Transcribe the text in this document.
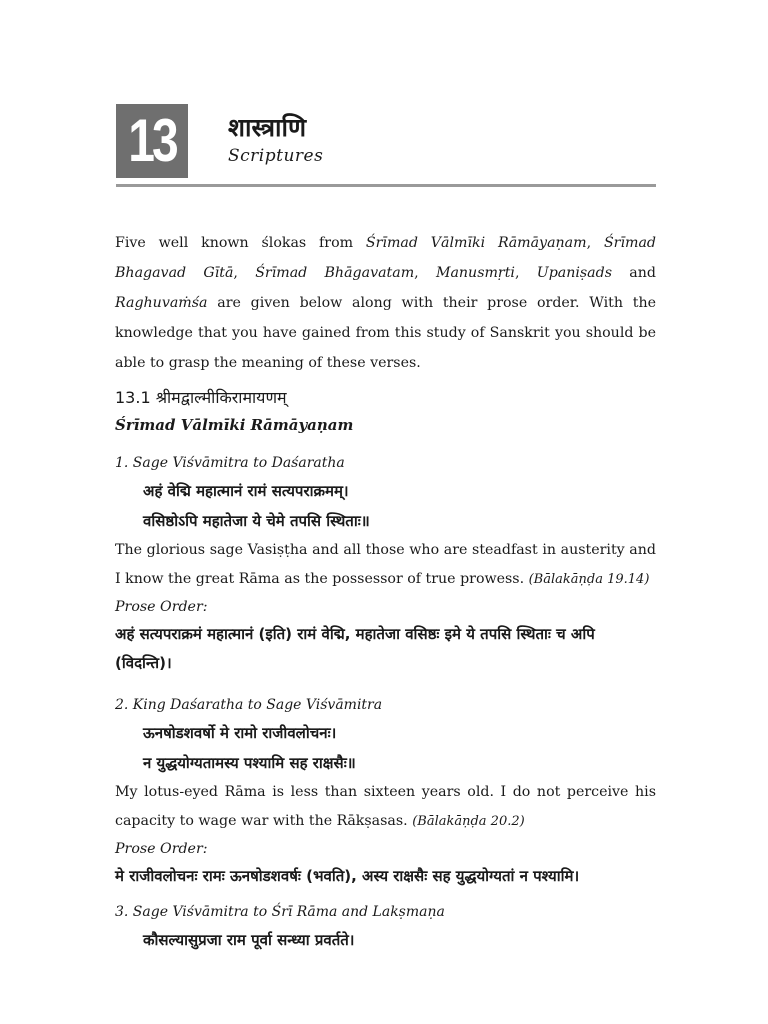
13 शास्त्राणि
Scriptures

Five well known ślokas from Śrīmad Vālmīki Rāmāyaṇam, Śrīmad Bhagavad Gītā, Śrīmad Bhāgavatam, Manusmṛti, Upaniṣads and Raghuvaṁśa are given below along with their prose order. With the knowledge that you have gained from this study of Sanskrit you should be able to grasp the meaning of these verses.

13.1 श्रीमद्वाल्मीकिरामायणम्

Śrīmad Vālmīki Rāmāyaṇam

1. Sage Viśvāmitra to Daśaratha

अहं वेद्मि महात्मानं रामं सत्यपराक्रमम्।

वसिष्ठोऽपि महातेजा ये चेमे तपसि स्थिताः॥

The glorious sage Vasiṣṭha and all those who are steadfast in austerity and I know the great Rāma as the possessor of true prowess. (Bālakāṇḍa 19.14)

Prose Order:

अहं सत्यपराक्रमं महात्मानं (इति) रामं वेद्मि, महातेजा वसिष्ठः इमे ये तपसि स्थिताः च अपि (विदन्ति)।

2. King Daśaratha to Sage Viśvāmitra

ऊनषोडशवर्षो मे रामो राजीवलोचनः।

न युद्धयोग्यतामस्य पश्यामि सह राक्षसैः॥

My lotus-eyed Rāma is less than sixteen years old. I do not perceive his capacity to wage war with the Rākṣasas. (Bālakāṇḍa 20.2)

Prose Order:

मे राजीवलोचनः रामः ऊनषोडशवर्षः (भवति), अस्य राक्षसैः सह युद्धयोग्यतां न पश्यामि।

3. Sage Viśvāmitra to Śrī Rāma and Lakṣmaṇa

कौसल्यासुप्रजा राम पूर्वा सन्ध्या प्रवर्तते।
